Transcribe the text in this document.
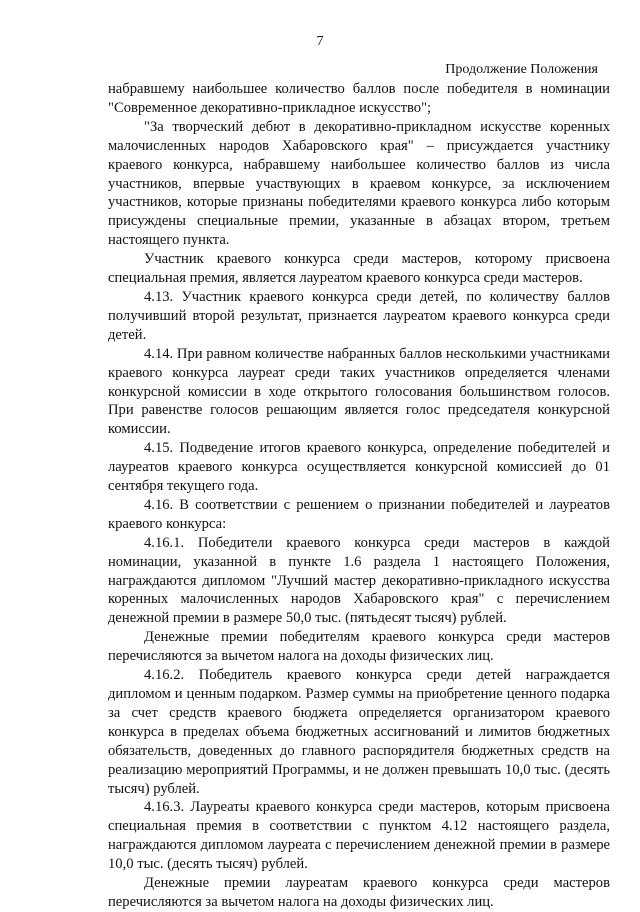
7
Продолжение Положения

набравшему наибольшее количество баллов после победителя в номинации "Современное декоративно-прикладное искусство";

"За творческий дебют в декоративно-прикладном искусстве коренных малочисленных народов Хабаровского края" – присуждается участнику краевого конкурса, набравшему наибольшее количество баллов из числа участников, впервые участвующих в краевом конкурсе, за исключением участников, которые признаны победителями краевого конкурса либо которым присуждены специальные премии, указанные в абзацах втором, третьем настоящего пункта.

Участник краевого конкурса среди мастеров, которому присвоена специальная премия, является лауреатом краевого конкурса среди мастеров.

4.13. Участник краевого конкурса среди детей, по количеству баллов получивший второй результат, признается лауреатом краевого конкурса среди детей.

4.14. При равном количестве набранных баллов несколькими участниками краевого конкурса лауреат среди таких участников определяется членами конкурсной комиссии в ходе открытого голосования большинством голосов. При равенстве голосов решающим является голос председателя конкурсной комиссии.

4.15. Подведение итогов краевого конкурса, определение победителей и лауреатов краевого конкурса осуществляется конкурсной комиссией до 01 сентября текущего года.

4.16. В соответствии с решением о признании победителей и лауреатов краевого конкурса:

4.16.1. Победители краевого конкурса среди мастеров в каждой номинации, указанной в пункте 1.6 раздела 1 настоящего Положения, награждаются дипломом "Лучший мастер декоративно-прикладного искусства коренных малочисленных народов Хабаровского края" с перечислением денежной премии в размере 50,0 тыс. (пятьдесят тысяч) рублей.

Денежные премии победителям краевого конкурса среди мастеров перечисляются за вычетом налога на доходы физических лиц.

4.16.2. Победитель краевого конкурса среди детей награждается дипломом и ценным подарком. Размер суммы на приобретение ценного подарка за счет средств краевого бюджета определяется организатором краевого конкурса в пределах объема бюджетных ассигнований и лимитов бюджетных обязательств, доведенных до главного распорядителя бюджетных средств на реализацию мероприятий Программы, и не должен превышать 10,0 тыс. (десять тысяч) рублей.

4.16.3. Лауреаты краевого конкурса среди мастеров, которым присвоена специальная премия в соответствии с пунктом 4.12 настоящего раздела, награждаются дипломом лауреата с перечислением денежной премии в размере 10,0 тыс. (десять тысяч) рублей.

Денежные премии лауреатам краевого конкурса среди мастеров перечисляются за вычетом налога на доходы физических лиц.
